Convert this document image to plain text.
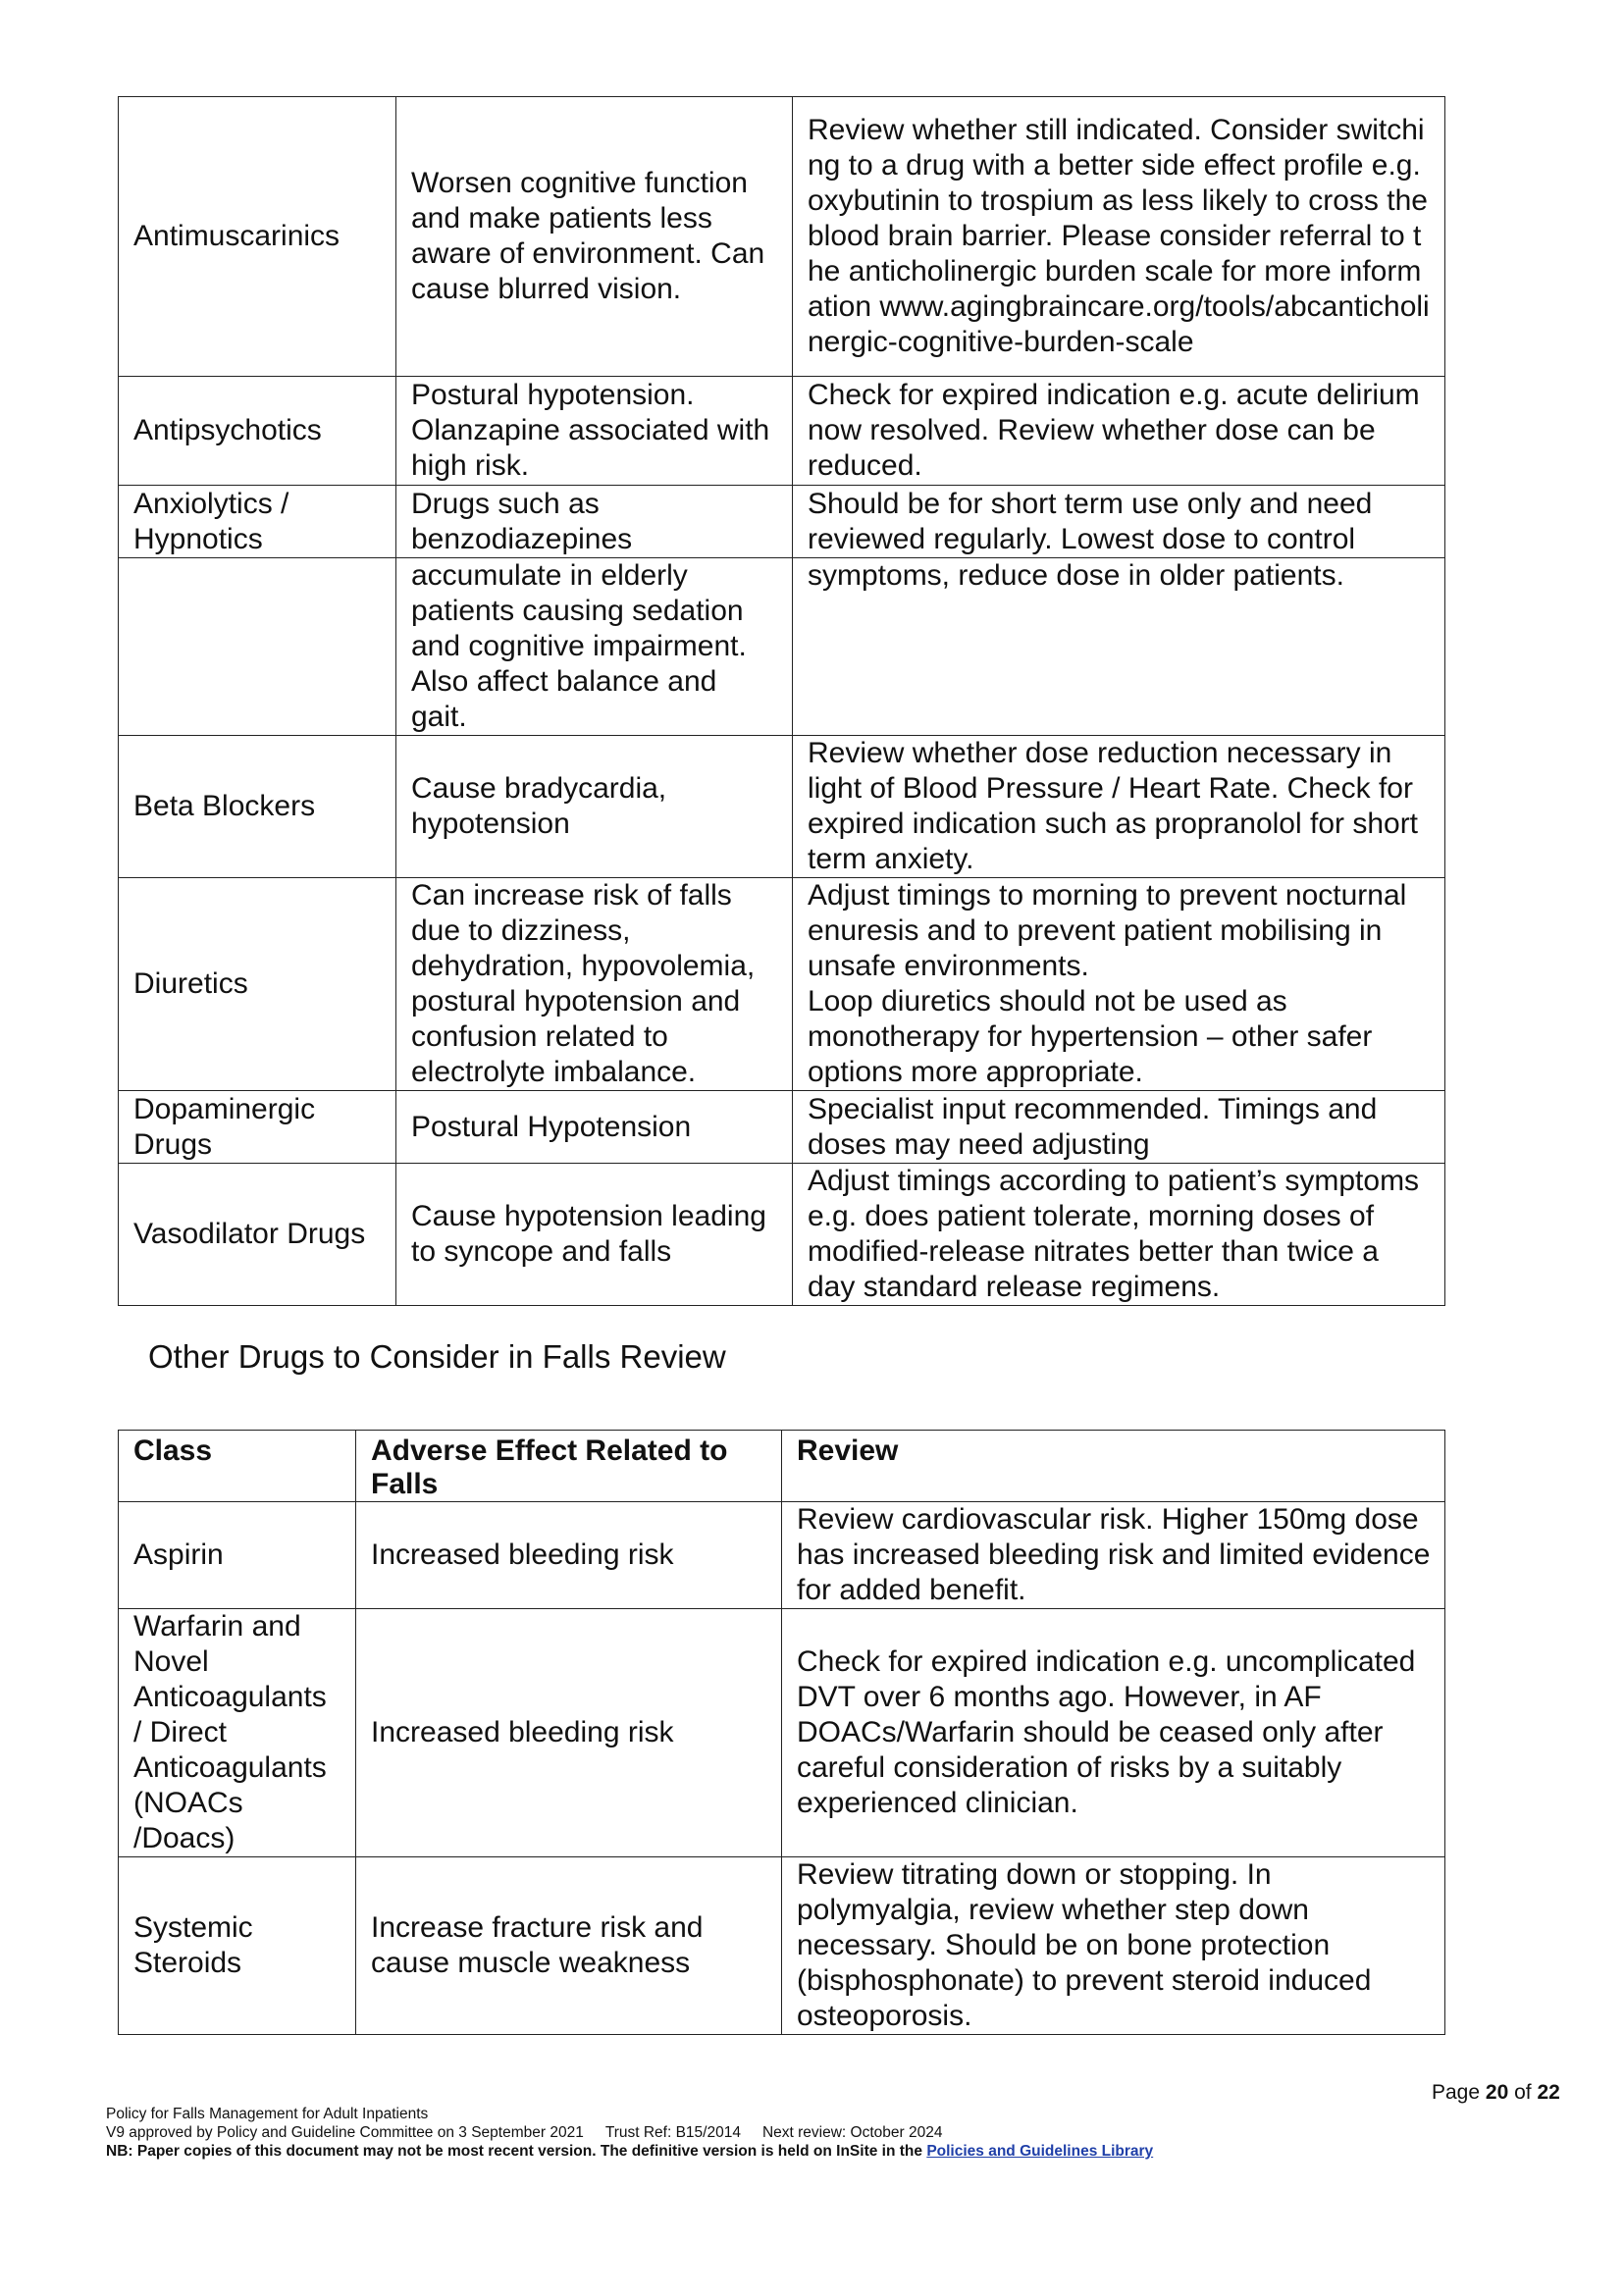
Antimuscarinics	Worsen cognitive function and make patients less aware of environment. Can cause blurred vision.	Review whether still indicated. Consider switching to a drug with a better side effect profile e.g. oxybutinin to trospium as less likely to cross the blood brain barrier. Please consider referral to the anticholinergic burden scale for more information www.agingbraincare.org/tools/abcanticholinergic-cognitive-burden-scale
Antipsychotics	Postural hypotension. Olanzapine associated with high risk.	Check for expired indication e.g. acute delirium now resolved. Review whether dose can be reduced.
Anxiolytics / Hypnotics	Drugs such as benzodiazepines	Should be for short term use only and need reviewed regularly. Lowest dose to control
	accumulate in elderly patients causing sedation and cognitive impairment. Also affect balance and gait.	symptoms, reduce dose in older patients.
Beta Blockers	Cause bradycardia, hypotension	Review whether dose reduction necessary in light of Blood Pressure / Heart Rate. Check for expired indication such as propranolol for short term anxiety.
Diuretics	Can increase risk of falls due to dizziness, dehydration, hypovolemia, postural hypotension and confusion related to electrolyte imbalance.	Adjust timings to morning to prevent nocturnal enuresis and to prevent patient mobilising in unsafe environments.
Loop diuretics should not be used as monotherapy for hypertension – other safer options more appropriate.

Dopaminergic Drugs	Postural Hypotension	Specialist input recommended. Timings and doses may need adjusting
Vasodilator Drugs	Cause hypotension leading to syncope and falls	Adjust timings according to patient’s symptoms e.g. does patient tolerate, morning doses of modified-release nitrates better than twice a day standard release regimens.
Other Drugs to Consider in Falls Review
Class	Adverse Effect Related to Falls	Review
Aspirin	Increased bleeding risk	Review cardiovascular risk. Higher 150mg dose has increased bleeding risk and limited evidence for added benefit.
Warfarin and Novel Anticoagulants / Direct Anticoagulants (NOACs /Doacs)	Increased bleeding risk	Check for expired indication e.g. uncomplicated DVT over 6 months ago. However, in AF DOACs/Warfarin should be ceased only after careful consideration of risks by a suitably experienced clinician.
Systemic Steroids	Increase fracture risk and cause muscle weakness	Review titrating down or stopping. In polymyalgia, review whether step down necessary. Should be on bone protection (bisphosphonate) to prevent steroid induced osteoporosis.
Page 20 of 22
Policy for Falls Management for Adult Inpatients
V9 approved by Policy and Guideline Committee on 3 September 2021 Trust Ref: B15/2014 Next review: October 2024
NB: Paper copies of this document may not be most recent version. The definitive version is held on InSite in the Policies and Guidelines Library
